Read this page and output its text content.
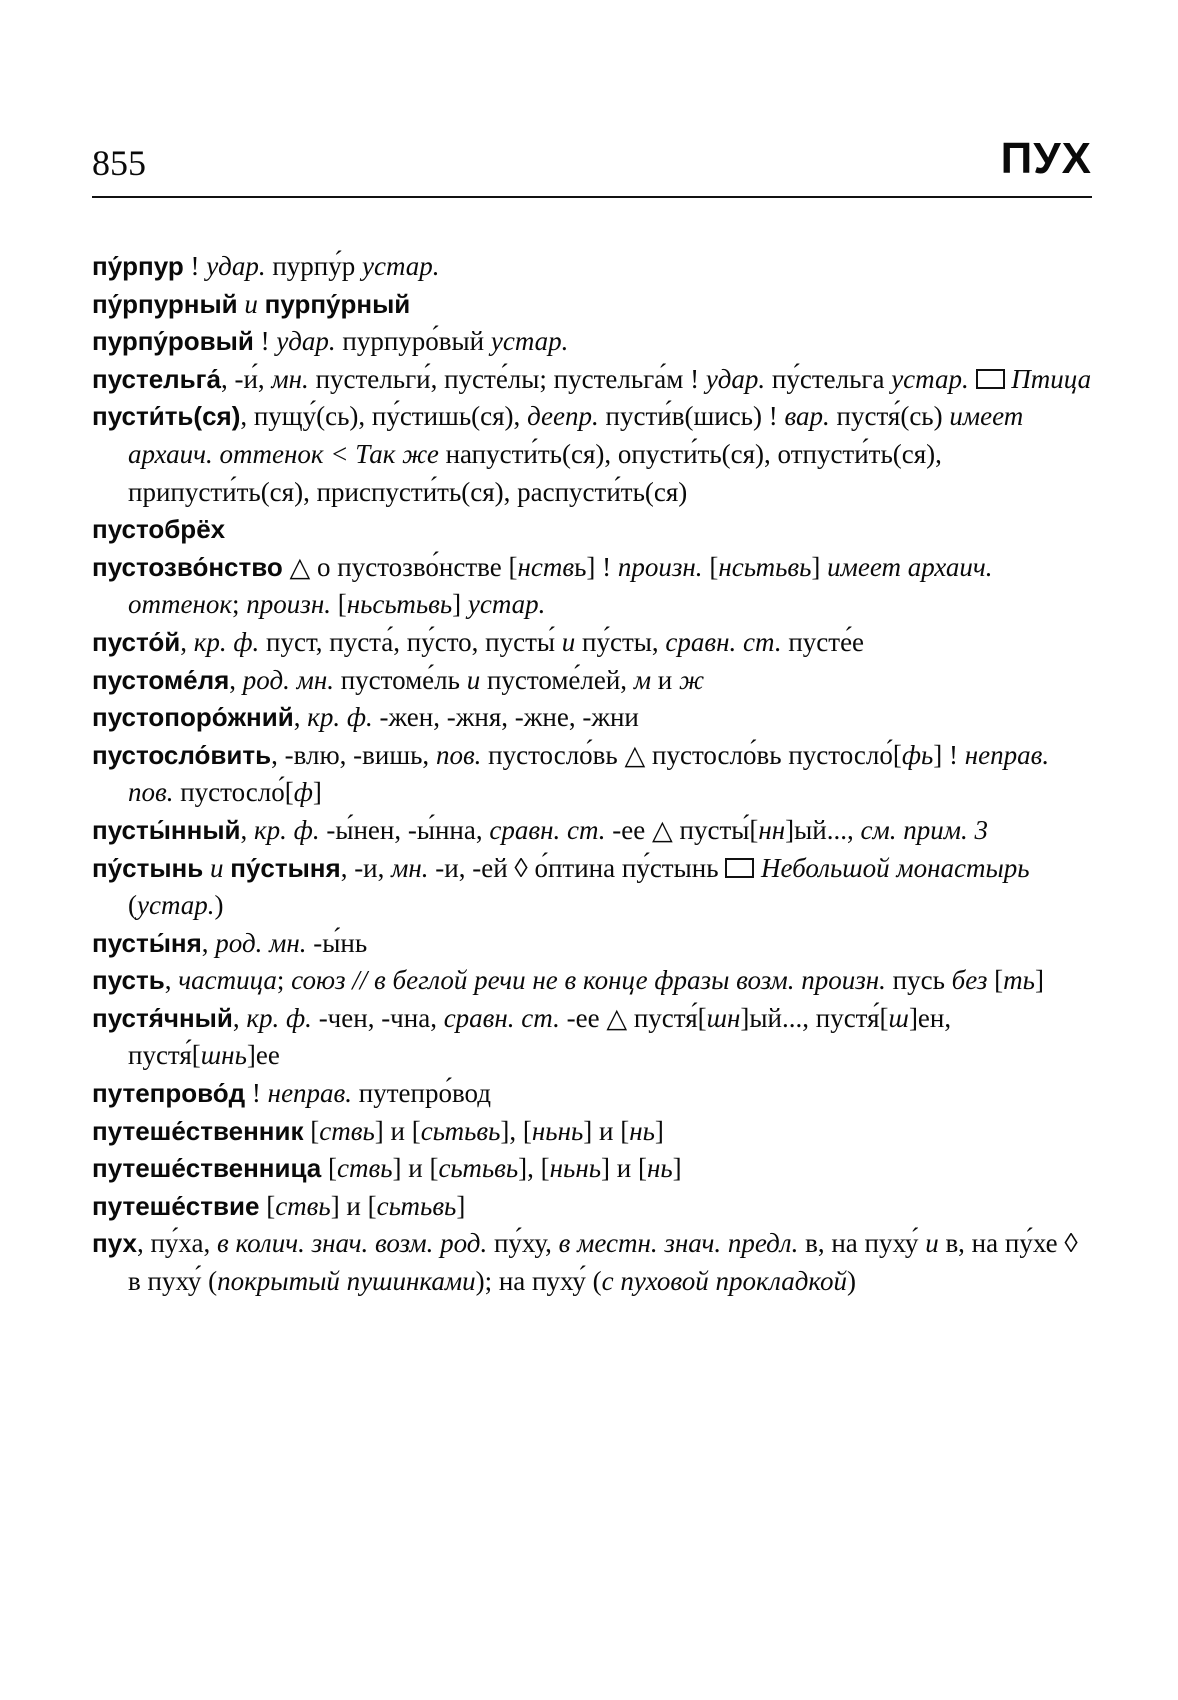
855	ПУХ

пу́рпур ! удар. пурпу́р устар.

пу́рпурный и пурпу́рный

пурпу́ровый ! удар. пурпуро́вый устар.

пустельга́, -и́, мн. пустельги́, пусте́лы; пустельга́м ! удар. пу́стельга устар. Птица

пусти́ть(ся), пущу́(сь), пу́стишь(ся), деепр. пусти́в(шись) ! вар. пустя́(сь) имеет архаич. оттенок < Так же напусти́ть(ся), опусти́ть(ся), отпусти́ть(ся), припусти́ть(ся), приспусти́ть(ся), распусти́ть(ся)

пустобрёх

пустозво́нство △ о пустозво́нстве [нствь] ! произн. [нсьтьвь] имеет архаич. оттенок; произн. [ньсьтьвь] устар.

пусто́й, кр. ф. пуст, пуста́, пу́сто, пусты́ и пу́сты, сравн. ст. пусте́е

пустоме́ля, род. мн. пустоме́ль и пустоме́лей, м и ж

пустопоро́жний, кр. ф. -жен, -жня, -жне, -жни

пустосло́вить, -влю, -вишь, пов. пустосло́вь △ пустосло́вь пустосло́[фь] ! неправ. пов. пустосло́[ф]

пусты́нный, кр. ф. -ы́нен, -ы́нна, сравн. ст. -ее △ пусты́[нн]ый..., см. прим. 3

пу́стынь и пу́стыня, -и, мн. -и, -ей ◊ о́птина пу́стынь  Небольшой монастырь (устар.)

пусты́ня, род. мн. -ы́нь

пусть, частица; союз // в беглой речи не в конце фразы возм. произн. пусь без [ть]

пустя́чный, кр. ф. -чен, -чна, сравн. ст. -ее △ пустя́[шн]ый..., пустя́[ш]ен, пустя́[шнь]ее

путепрово́д ! неправ. путепро́вод

путеше́ственник [ствь] и [сьтьвь], [ньнь] и [нь]

путеше́ственница [ствь] и [сьтьвь], [ньнь] и [нь]

путеше́ствие [ствь] и [сьтьвь]

пух, пу́ха, в колич. знач. возм. род. пу́ху, в местн. знач. предл. в, на пуху́ и в, на пу́хе ◊ в пуху́ (покрытый пушинками); на пуху́ (с пуховой прокладкой)
